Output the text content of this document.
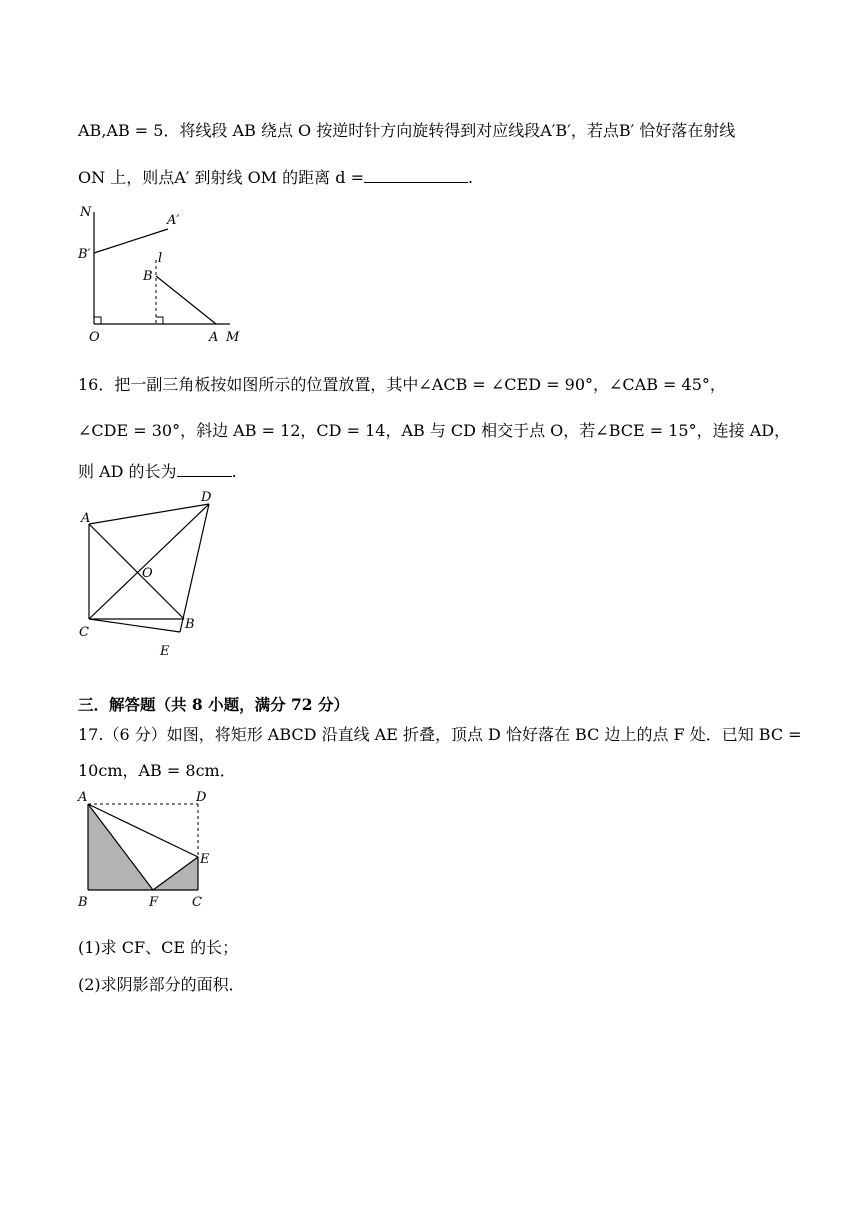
AB,AB = 5．将线段 AB 绕点 O 按逆时针方向旋转得到对应线段A′B′，若点B′ 恰好落在射线
ON 上，则点A′ 到射线 OM 的距离 d =	.
N
B′
A′
B
l
O	A M
16．把一副三角板按如图所示的位置放置，其中∠ACB = ∠CED = 90°，∠CAB = 45°，
∠CDE = 30°，斜边 AB = 12，CD = 14，AB 与 CD 相交于点 O，若∠BCE = 15°，连接 AD，
则 AD 的长为	.
A
D
O
C
B
E
三．解答题（共 8 小题，满分 72 分）
17.（6 分）如图，将矩形 ABCD 沿直线 AE 折叠，顶点 D 恰好落在 BC 边上的点 F 处．已知 BC =
10cm，AB = 8cm．
A	D
E
B	F	C
(1)求 CF、CE 的长；
(2)求阴影部分的面积．
